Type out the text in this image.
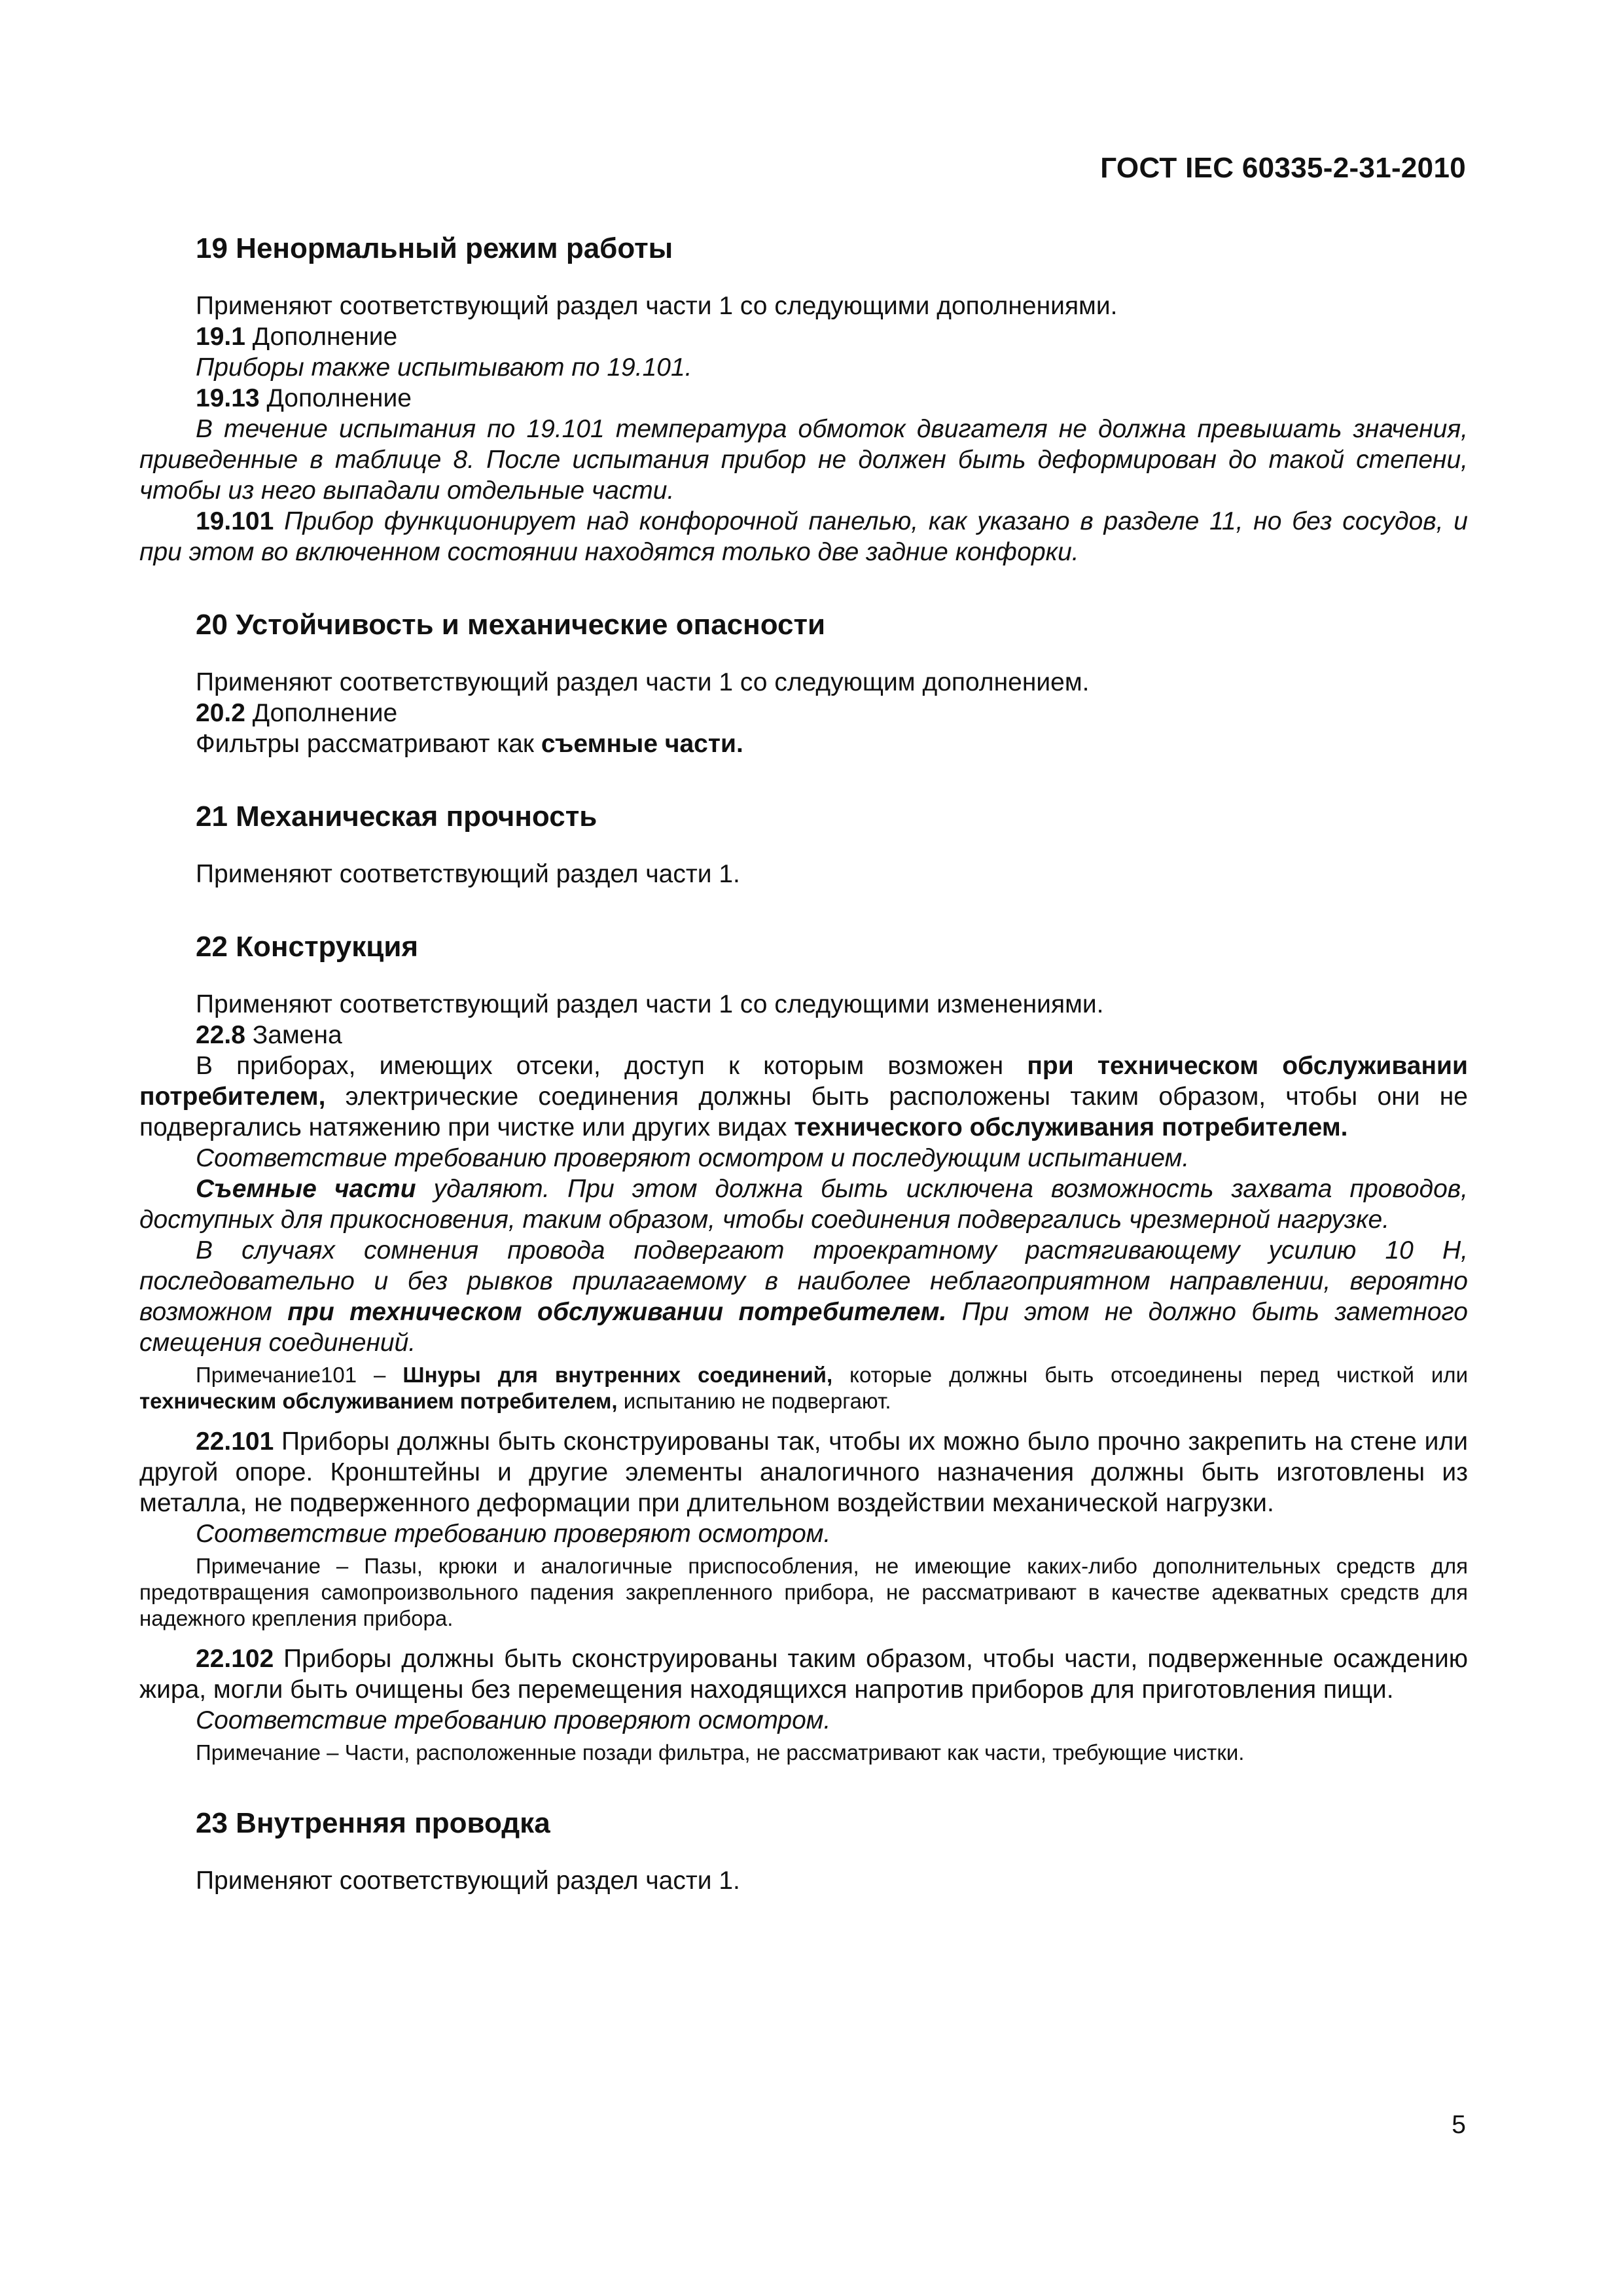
ГОСТ IEC 60335-2-31-2010
19 Ненормальный режим работы

Применяют соответствующий раздел части 1 со следующими дополнениями.

19.1 Дополнение

Приборы также испытывают по 19.101.

19.13 Дополнение

В течение испытания по 19.101 температура обмоток двигателя не должна превышать значения, приведенные в таблице 8. После испытания прибор не должен быть деформирован до такой степени, чтобы из него выпадали отдельные части.

19.101 Прибор функционирует над конфорочной панелью, как указано в разделе 11, но без сосудов, и при этом во включенном состоянии находятся только две задние конфорки.

20 Устойчивость и механические опасности

Применяют соответствующий раздел части 1 со следующим дополнением.

20.2 Дополнение

Фильтры рассматривают как съемные части.

21 Механическая прочность

Применяют соответствующий раздел части 1.

22 Конструкция

Применяют соответствующий раздел части 1 со следующими изменениями.

22.8 Замена

В приборах, имеющих отсеки, доступ к которым возможен при техническом обслуживании потребителем, электрические соединения должны быть расположены таким образом, чтобы они не подвергались натяжению при чистке или других видах технического обслуживания потребителем.

Соответствие требованию проверяют осмотром и последующим испытанием.

Съемные части удаляют. При этом должна быть исключена возможность захвата проводов, доступных для прикосновения, таким образом, чтобы соединения подвергались чрезмерной нагрузке.

В случаях сомнения провода подвергают троекратному растягивающему усилию 10 Н, последовательно и без рывков прилагаемому в наиболее неблагоприятном направлении, вероятно возможном при техническом обслуживании потребителем. При этом не должно быть заметного смещения соединений.

Примечание101 – Шнуры для внутренних соединений, которые должны быть отсоединены перед чисткой или техническим обслуживанием потребителем, испытанию не подвергают.

22.101 Приборы должны быть сконструированы так, чтобы их можно было прочно закрепить на стене или другой опоре. Кронштейны и другие элементы аналогичного назначения должны быть изготовлены из металла, не подверженного деформации при длительном воздействии механической нагрузки.

Соответствие требованию проверяют осмотром.

Примечание – Пазы, крюки и аналогичные приспособления, не имеющие каких-либо дополнительных средств для предотвращения самопроизвольного падения закрепленного прибора, не рассматривают в качестве адекватных средств для надежного крепления прибора.

22.102 Приборы должны быть сконструированы таким образом, чтобы части, подверженные осаждению жира, могли быть очищены без перемещения находящихся напротив приборов для приготовления пищи.

Соответствие требованию проверяют осмотром.

Примечание – Части, расположенные позади фильтра, не рассматривают как части, требующие чистки.

23 Внутренняя проводка

Применяют соответствующий раздел части 1.

5
